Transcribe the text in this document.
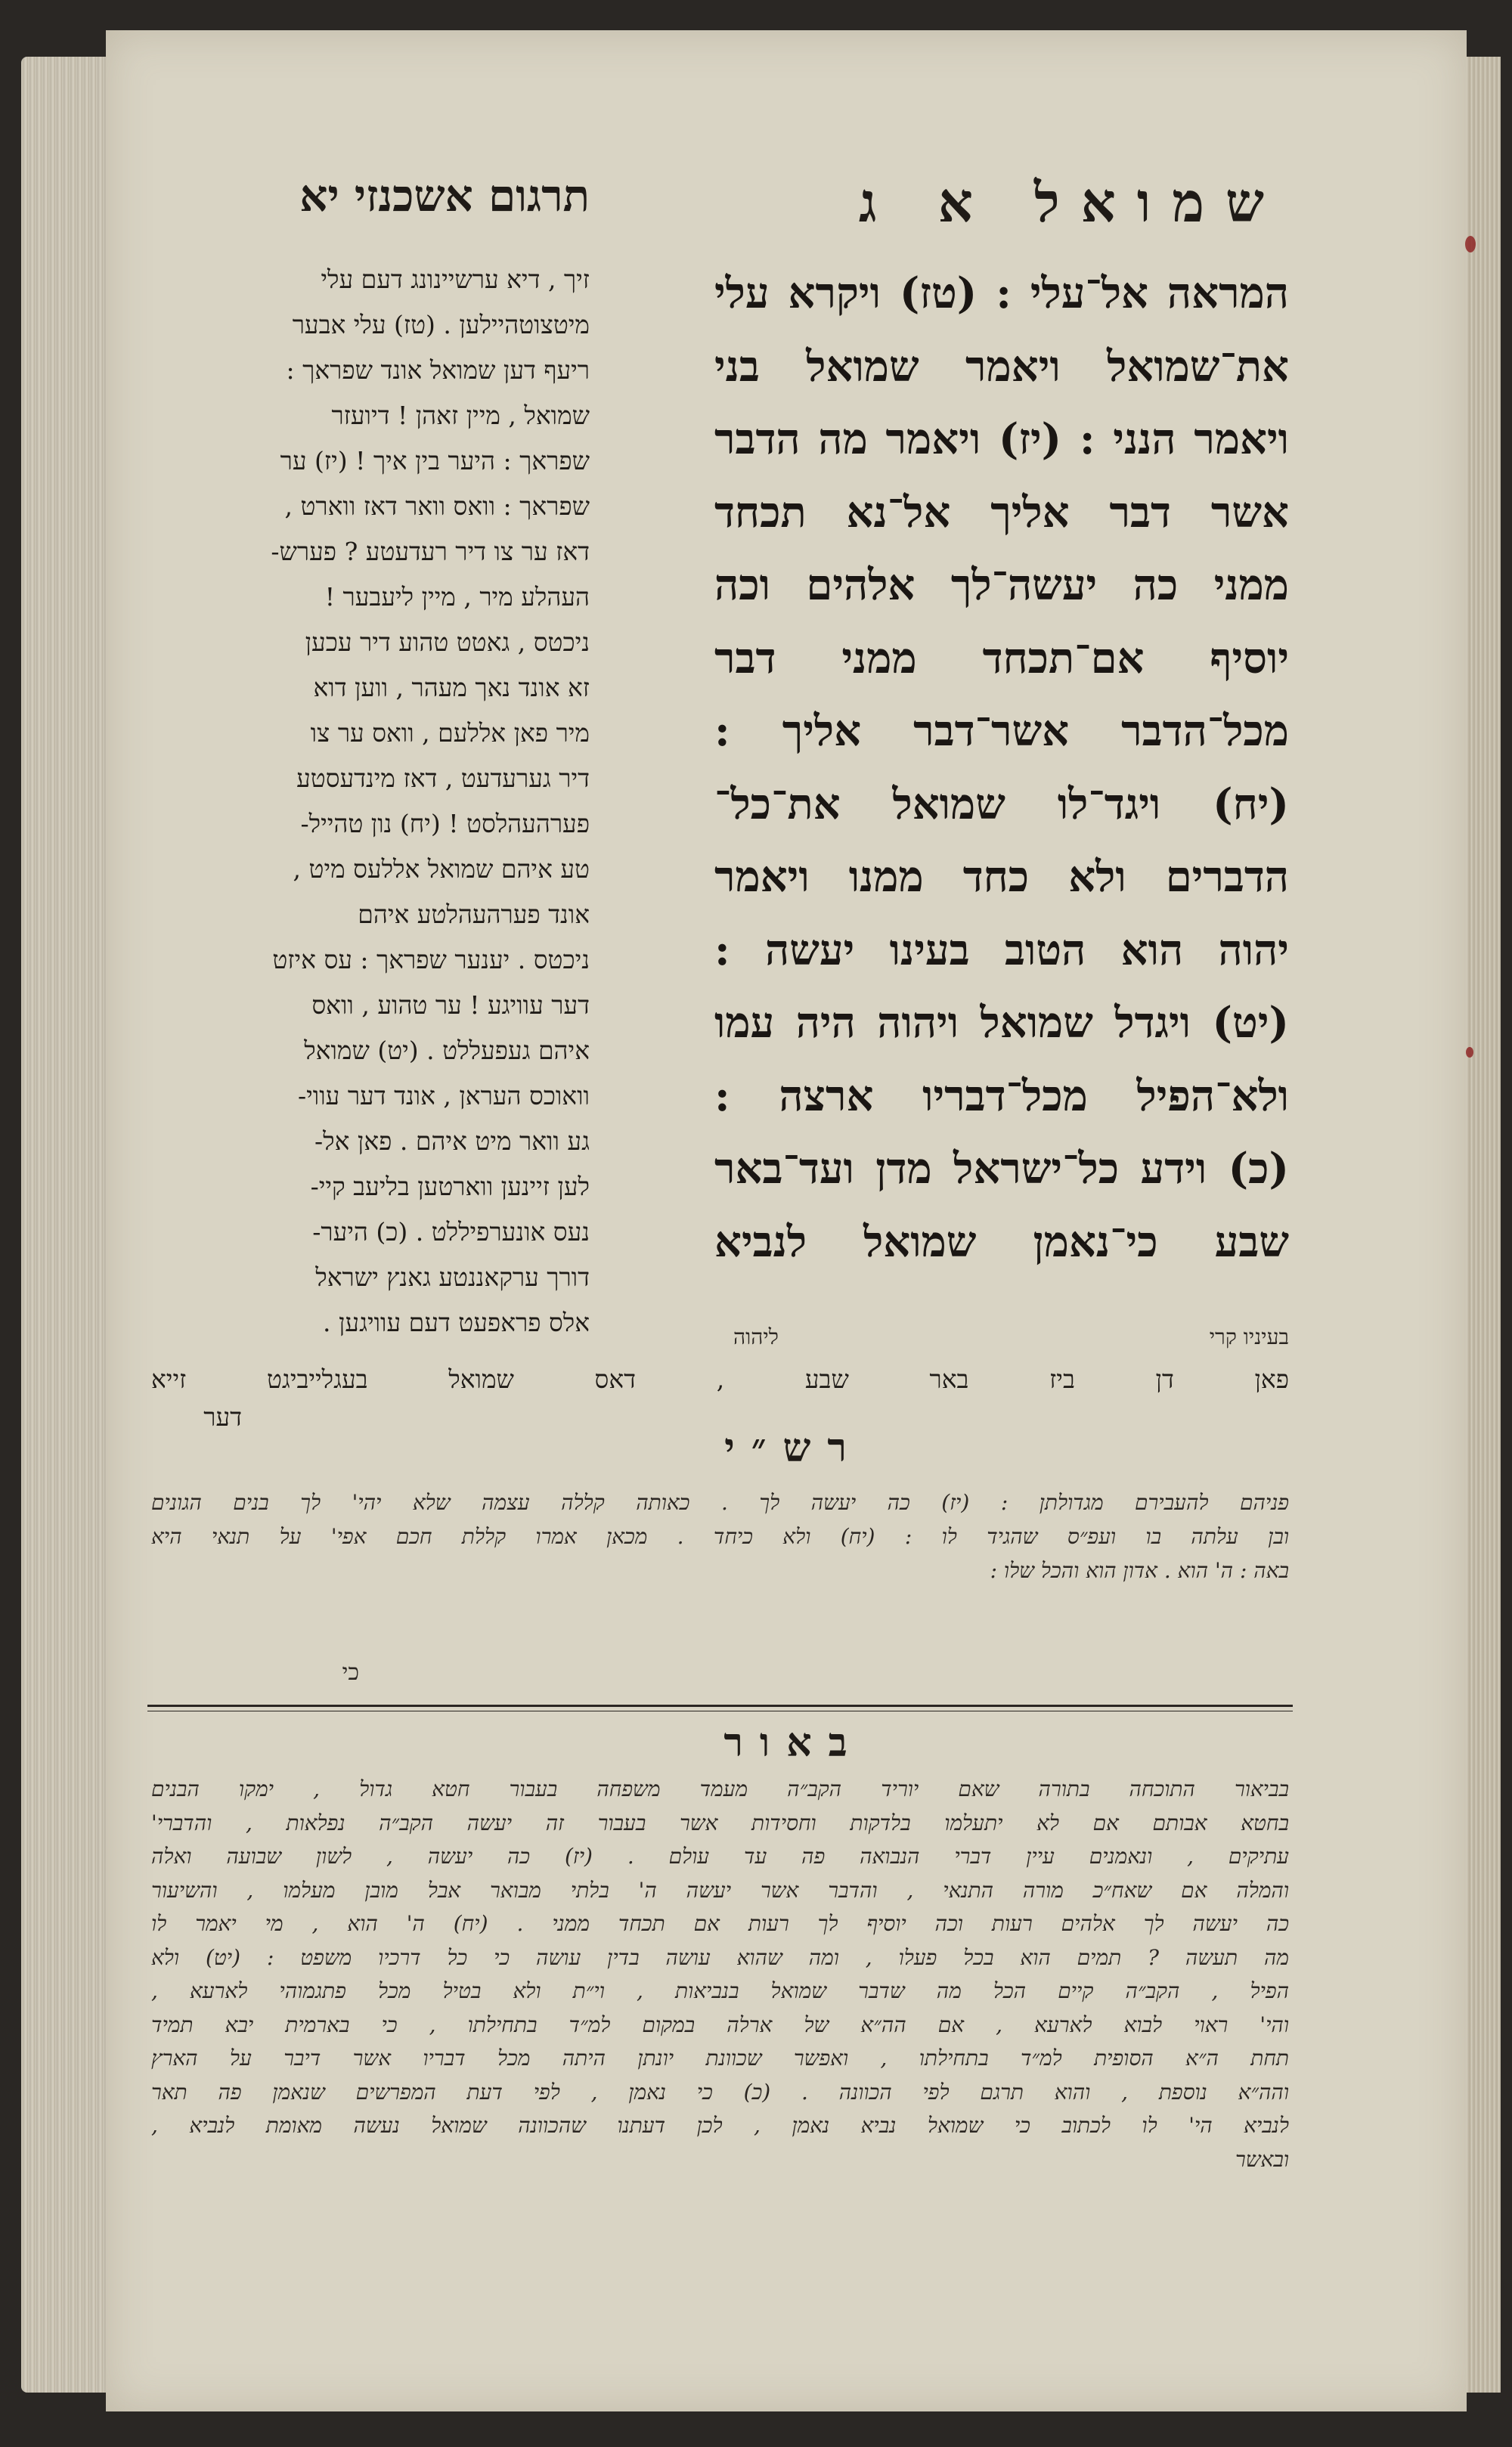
תרגום אשכנזי יא	שמואל א ג
זיך , דיא ערשיינונג דעם עלי
מיטצוטהיילען . (טז) עלי אבער
ריעף דען שמואל אונד שפראך :
שמואל , מיין זאהן ! דיועזר
שפראך : היער בין איך ! (יז) ער
שפראך : וואס וואר דאז ווארט ,
דאז ער צו דיר רעדעטע ? פערש-
העהלע מיר , מיין ליעבער !
ניכטס , גאטט טהוע דיר עכען
זא אונד נאך מעהר , ווען דוא
מיר פאן אללעם , וואס ער צו
דיר גערעדעט , דאז מינדעסטע
פערהעהלסט ! (יח) נון טהייל-
טע איהם שמואל אללעס מיט ,
אונד פערהעהלטע איהם
ניכטס . יענער שפראך : עס איזט
דער עוויגע ! ער טהוע , וואס
איהם געפעללט . (יט) שמואל
וואוכס העראן , אונד דער עווי-
גע וואר מיט איהם . פאן אל-
לען זיינען ווארטען בליעב קיי-
נעס אונערפיללט . (כ) היער-
דורך ערקאננטע גאנץ ישראל
אלס פראפעט דעם עוויגען .
המראה אל־עלי : (טז) ויקרא עלי
את־שמואל ויאמר שמואל בני
ויאמר הנני : (יז) ויאמר מה הדבר
אשר דבר אליך אל־נא תכחד
ממני כה יעשה־לך אלהים וכה
יוסיף אם־תכחד ממני דבר
מכל־הדבר אשר־דבר אליך :
(יח) ויגד־לו שמואל את־כל־
הדברים ולא כחד ממנו ויאמר
יהוה הוא הטוב בעינו יעשה :
(יט) ויגדל שמואל ויהוה היה עמו
ולא־הפיל מכל־דבריו ארצה :
(כ) וידע כל־ישראל מדן ועד־באר
שבע כי־נאמן שמואל לנביא
בעיניו קרי
ליהוה
פאן דן ביז באר שבע , דאס שמואל בעגלייביגט זייא
דער
רש״י
פניהם להעבירם מגדולתן : (יז) כה יעשה לך . כאותה קללה עצמה שלא יהי' לך בנים הגונים
ובן עלתה בו ועפ״ס שהגיד לו : (יח) ולא כיחד . מכאן אמרו קללת חכם אפי' על תנאי היא
באה : ה' הוא . אדון הוא והכל שלו :
כי
באור
בביאור התוכחה בתורה שאם יוריד הקב״ה מעמד משפחה בעבור חטא גדול , ימקו הבנים
בחטא אבותם אם לא יתעלמו בלדקות וחסידות אשר בעבור זה יעשה הקב״ה נפלאות , והדברי'
עתיקים , ונאמנים עיין דברי הנבואה פה עד עולם . (יז) כה יעשה , לשון שבועה ואלה
והמלה אם שאח״כ מורה התנאי , והדבר אשר יעשה ה' בלתי מבואר אבל מובן מעלמו , והשיעור
כה יעשה לך אלהים רעות וכה יוסיף לך רעות אם תכחד ממני . (יח) ה' הוא , מי יאמר לו
מה תעשה ? תמים הוא בכל פעלו , ומה שהוא עושה בדין עושה כי כל דרכיו משפט : (יט) ולא
הפיל , הקב״ה קיים הכל מה שדבר שמואל בנביאות , וי״ת ולא בטיל מכל פתגמוהי לארעא ,
והי' ראוי לבוא לארעא , אם הה״א של ארלה במקום למ״ד בתחילתו , כי בארמית יבא תמיד
תחת ה״א הסופית למ״ד בתחילתו , ואפשר שכוונת יונתן היתה מכל דבריו אשר דיבר על הארץ
והה״א נוספת , והוא תרגם לפי הכוונה . (כ) כי נאמן , לפי דעת המפרשים שנאמן פה תאר
לנביא הי' לו לכתוב כי שמואל נביא נאמן , לכן דעתנו שהכוונה שמואל נעשה מאומת לנביא ,
ובאשר
